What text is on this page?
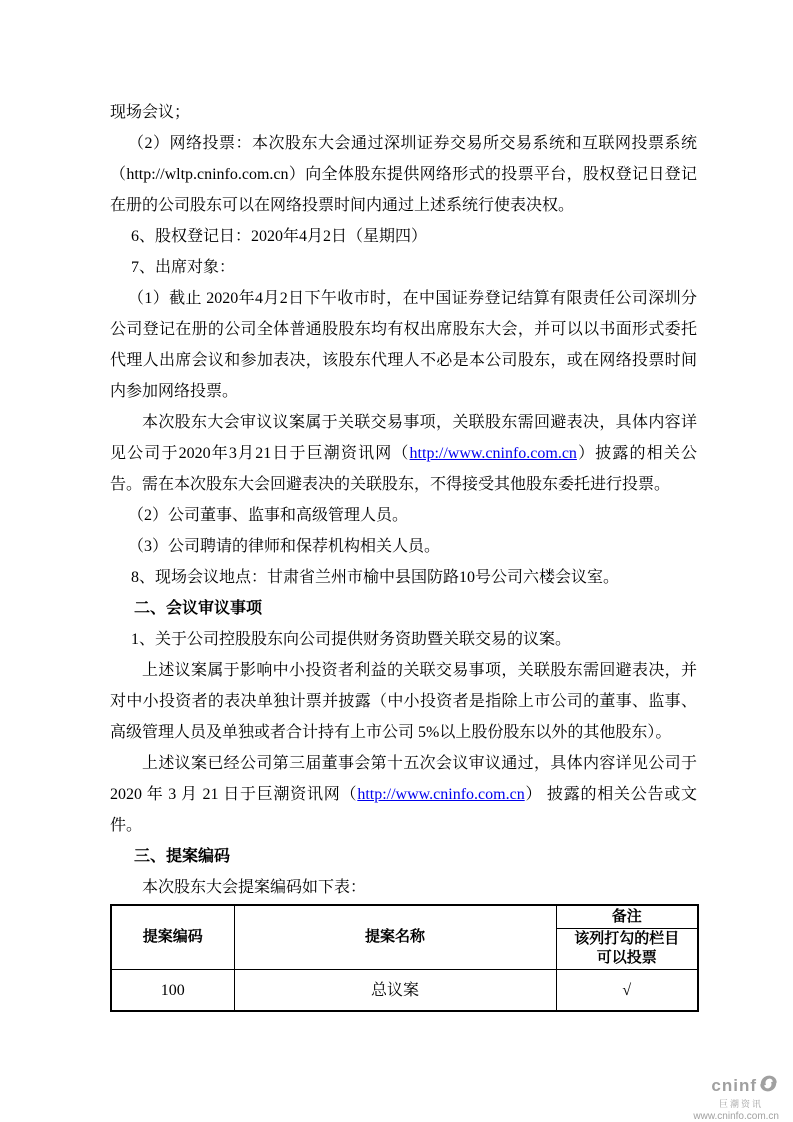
现场会议；

（2）网络投票：本次股东大会通过深圳证券交易所交易系统和互联网投票系统（http://wltp.cninfo.com.cn）向全体股东提供网络形式的投票平台，股权登记日登记在册的公司股东可以在网络投票时间内通过上述系统行使表决权。

6、股权登记日：2020年4月2日（星期四）

7、出席对象：

（1）截止 2020年4月2日下午收市时，在中国证券登记结算有限责任公司深圳分公司登记在册的公司全体普通股股东均有权出席股东大会，并可以以书面形式委托代理人出席会议和参加表决，该股东代理人不必是本公司股东，或在网络投票时间内参加网络投票。

本次股东大会审议议案属于关联交易事项，关联股东需回避表决，具体内容详见公司于2020年3月21日于巨潮资讯网（http://www.cninfo.com.cn）披露的相关公告。需在本次股东大会回避表决的关联股东，不得接受其他股东委托进行投票。

（2）公司董事、监事和高级管理人员。

（3）公司聘请的律师和保荐机构相关人员。

8、现场会议地点：甘肃省兰州市榆中县国防路10号公司六楼会议室。

二、会议审议事项

1、关于公司控股股东向公司提供财务资助暨关联交易的议案。

上述议案属于影响中小投资者利益的关联交易事项，关联股东需回避表决，并对中小投资者的表决单独计票并披露（中小投资者是指除上市公司的董事、监事、高级管理人员及单独或者合计持有上市公司 5%以上股份股东以外的其他股东）。

上述议案已经公司第三届董事会第十五次会议审议通过，具体内容详见公司于 2020 年 3 月 21 日于巨潮资讯网（http://www.cninfo.com.cn） 披露的相关公告或文件。

三、提案编码

本次股东大会提案编码如下表：

提案编码	提案名称	备注

		该列打勾的栏目
可以投票

100	总议案	√
cninf
巨潮资讯
www.cninfo.com.cn
